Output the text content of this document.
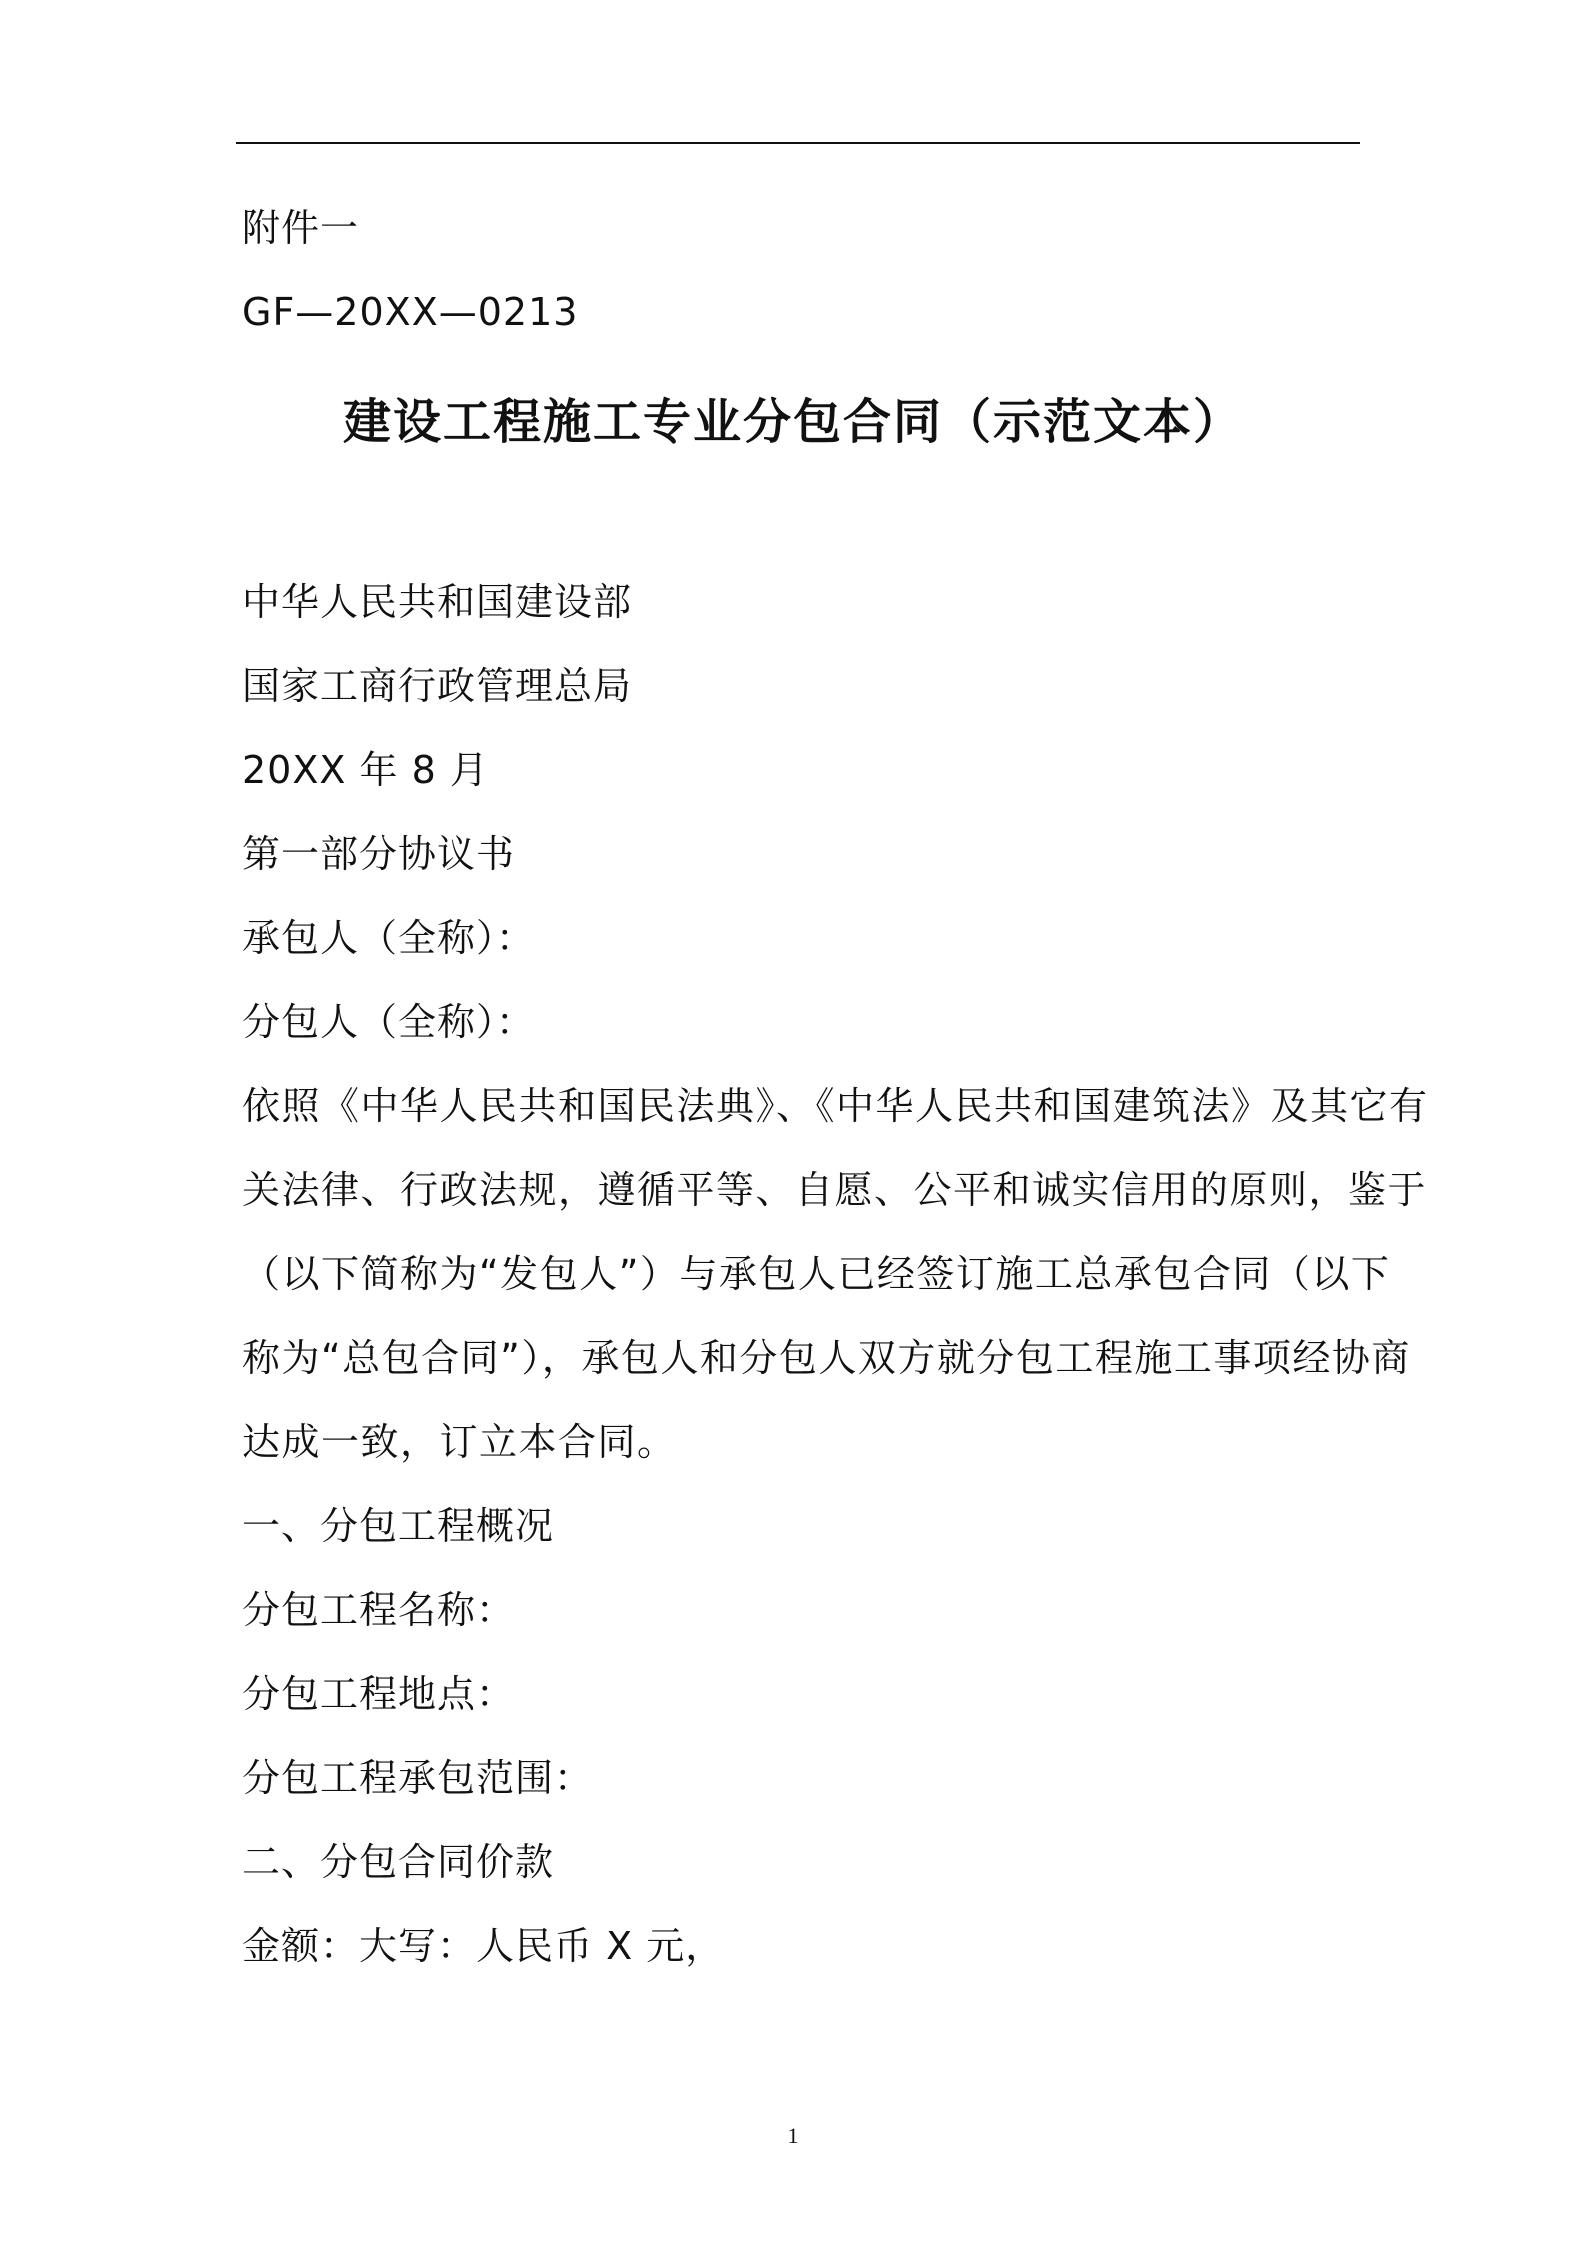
附件一
GF—20XX—0213
建设工程施工专业分包合同（示范文本）
中华人民共和国建设部
国家工商行政管理总局
20XX 年 8 月
第一部分协议书
承包人（全称）：
分包人（全称）：
依照《中华人民共和国民法典》、《中华人民共和国建筑法》及其它有
关法律、行政法规，遵循平等、自愿、公平和诚实信用的原则，鉴于
（以下简称为“发包人”）与承包人已经签订施工总承包合同（以下
称为“总包合同”），承包人和分包人双方就分包工程施工事项经协商
达成一致，订立本合同。
一、分包工程概况
分包工程名称：
分包工程地点：
分包工程承包范围：
二、分包合同价款
金额：大写：人民币 X 元，
1
